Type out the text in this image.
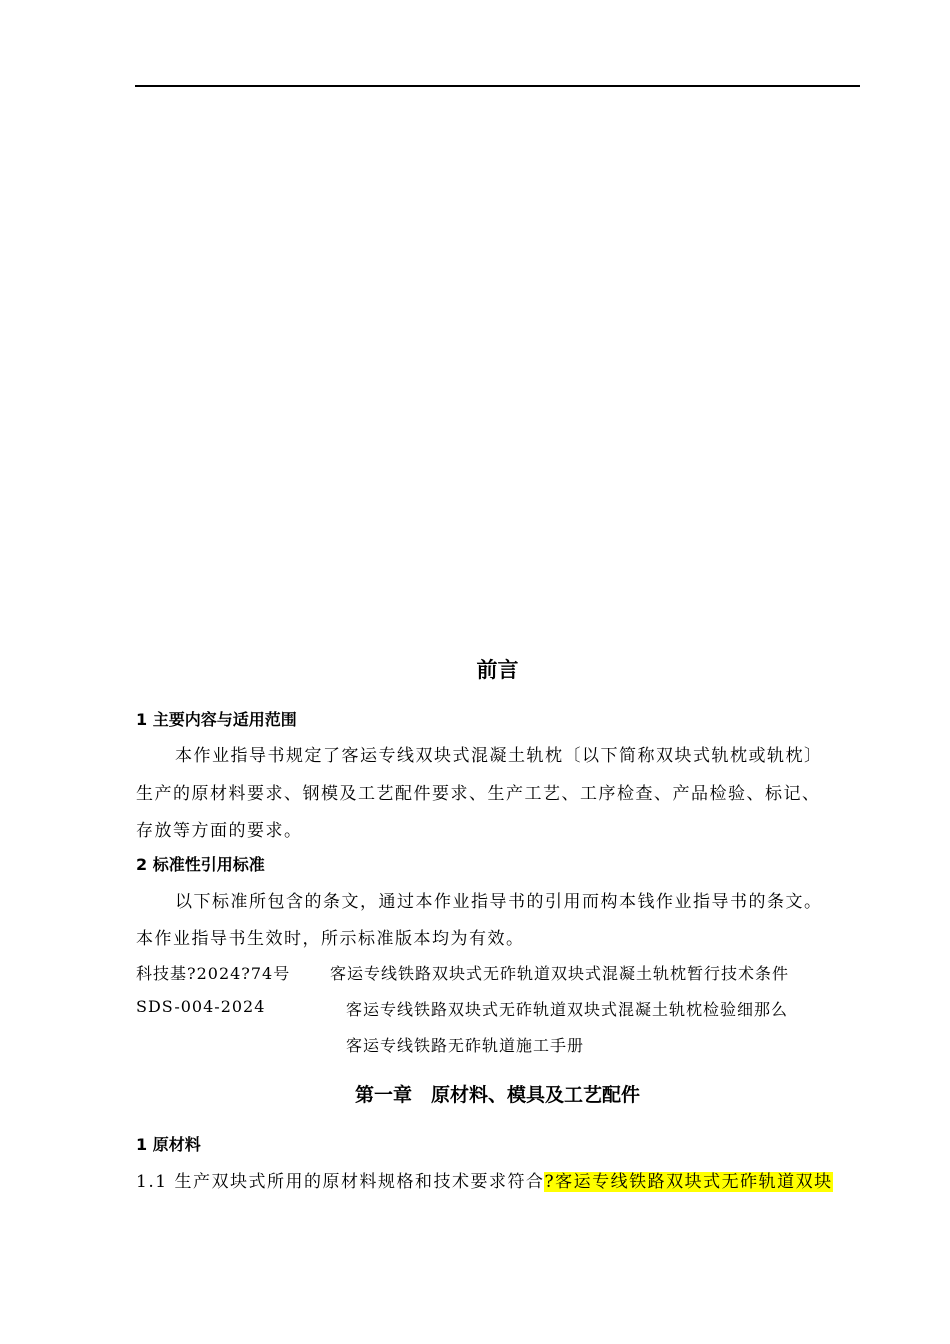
前言
1 主要内容与适用范围
本作业指导书规定了客运专线双块式混凝土轨枕〔以下简称双块式轨枕或轨枕〕
生产的原材料要求、钢模及工艺配件要求、生产工艺、工序检查、产品检验、标记、
存放等方面的要求。
2 标准性引用标准
以下标准所包含的条文，通过本作业指导书的引用而构本钱作业指导书的条文。
本作业指导书生效时，所示标准版本均为有效。
科技基?2024?74号 客运专线铁路双块式无砟轨道双块式混凝土轨枕暂行技术条件
SDS-004-2024	客运专线铁路双块式无砟轨道双块式混凝土轨枕检验细那么
客运专线铁路无砟轨道施工手册
第一章　原材料、模具及工艺配件
1 原材料
1.1 生产双块式所用的原材料规格和技术要求符合?客运专线铁路双块式无砟轨道双块
